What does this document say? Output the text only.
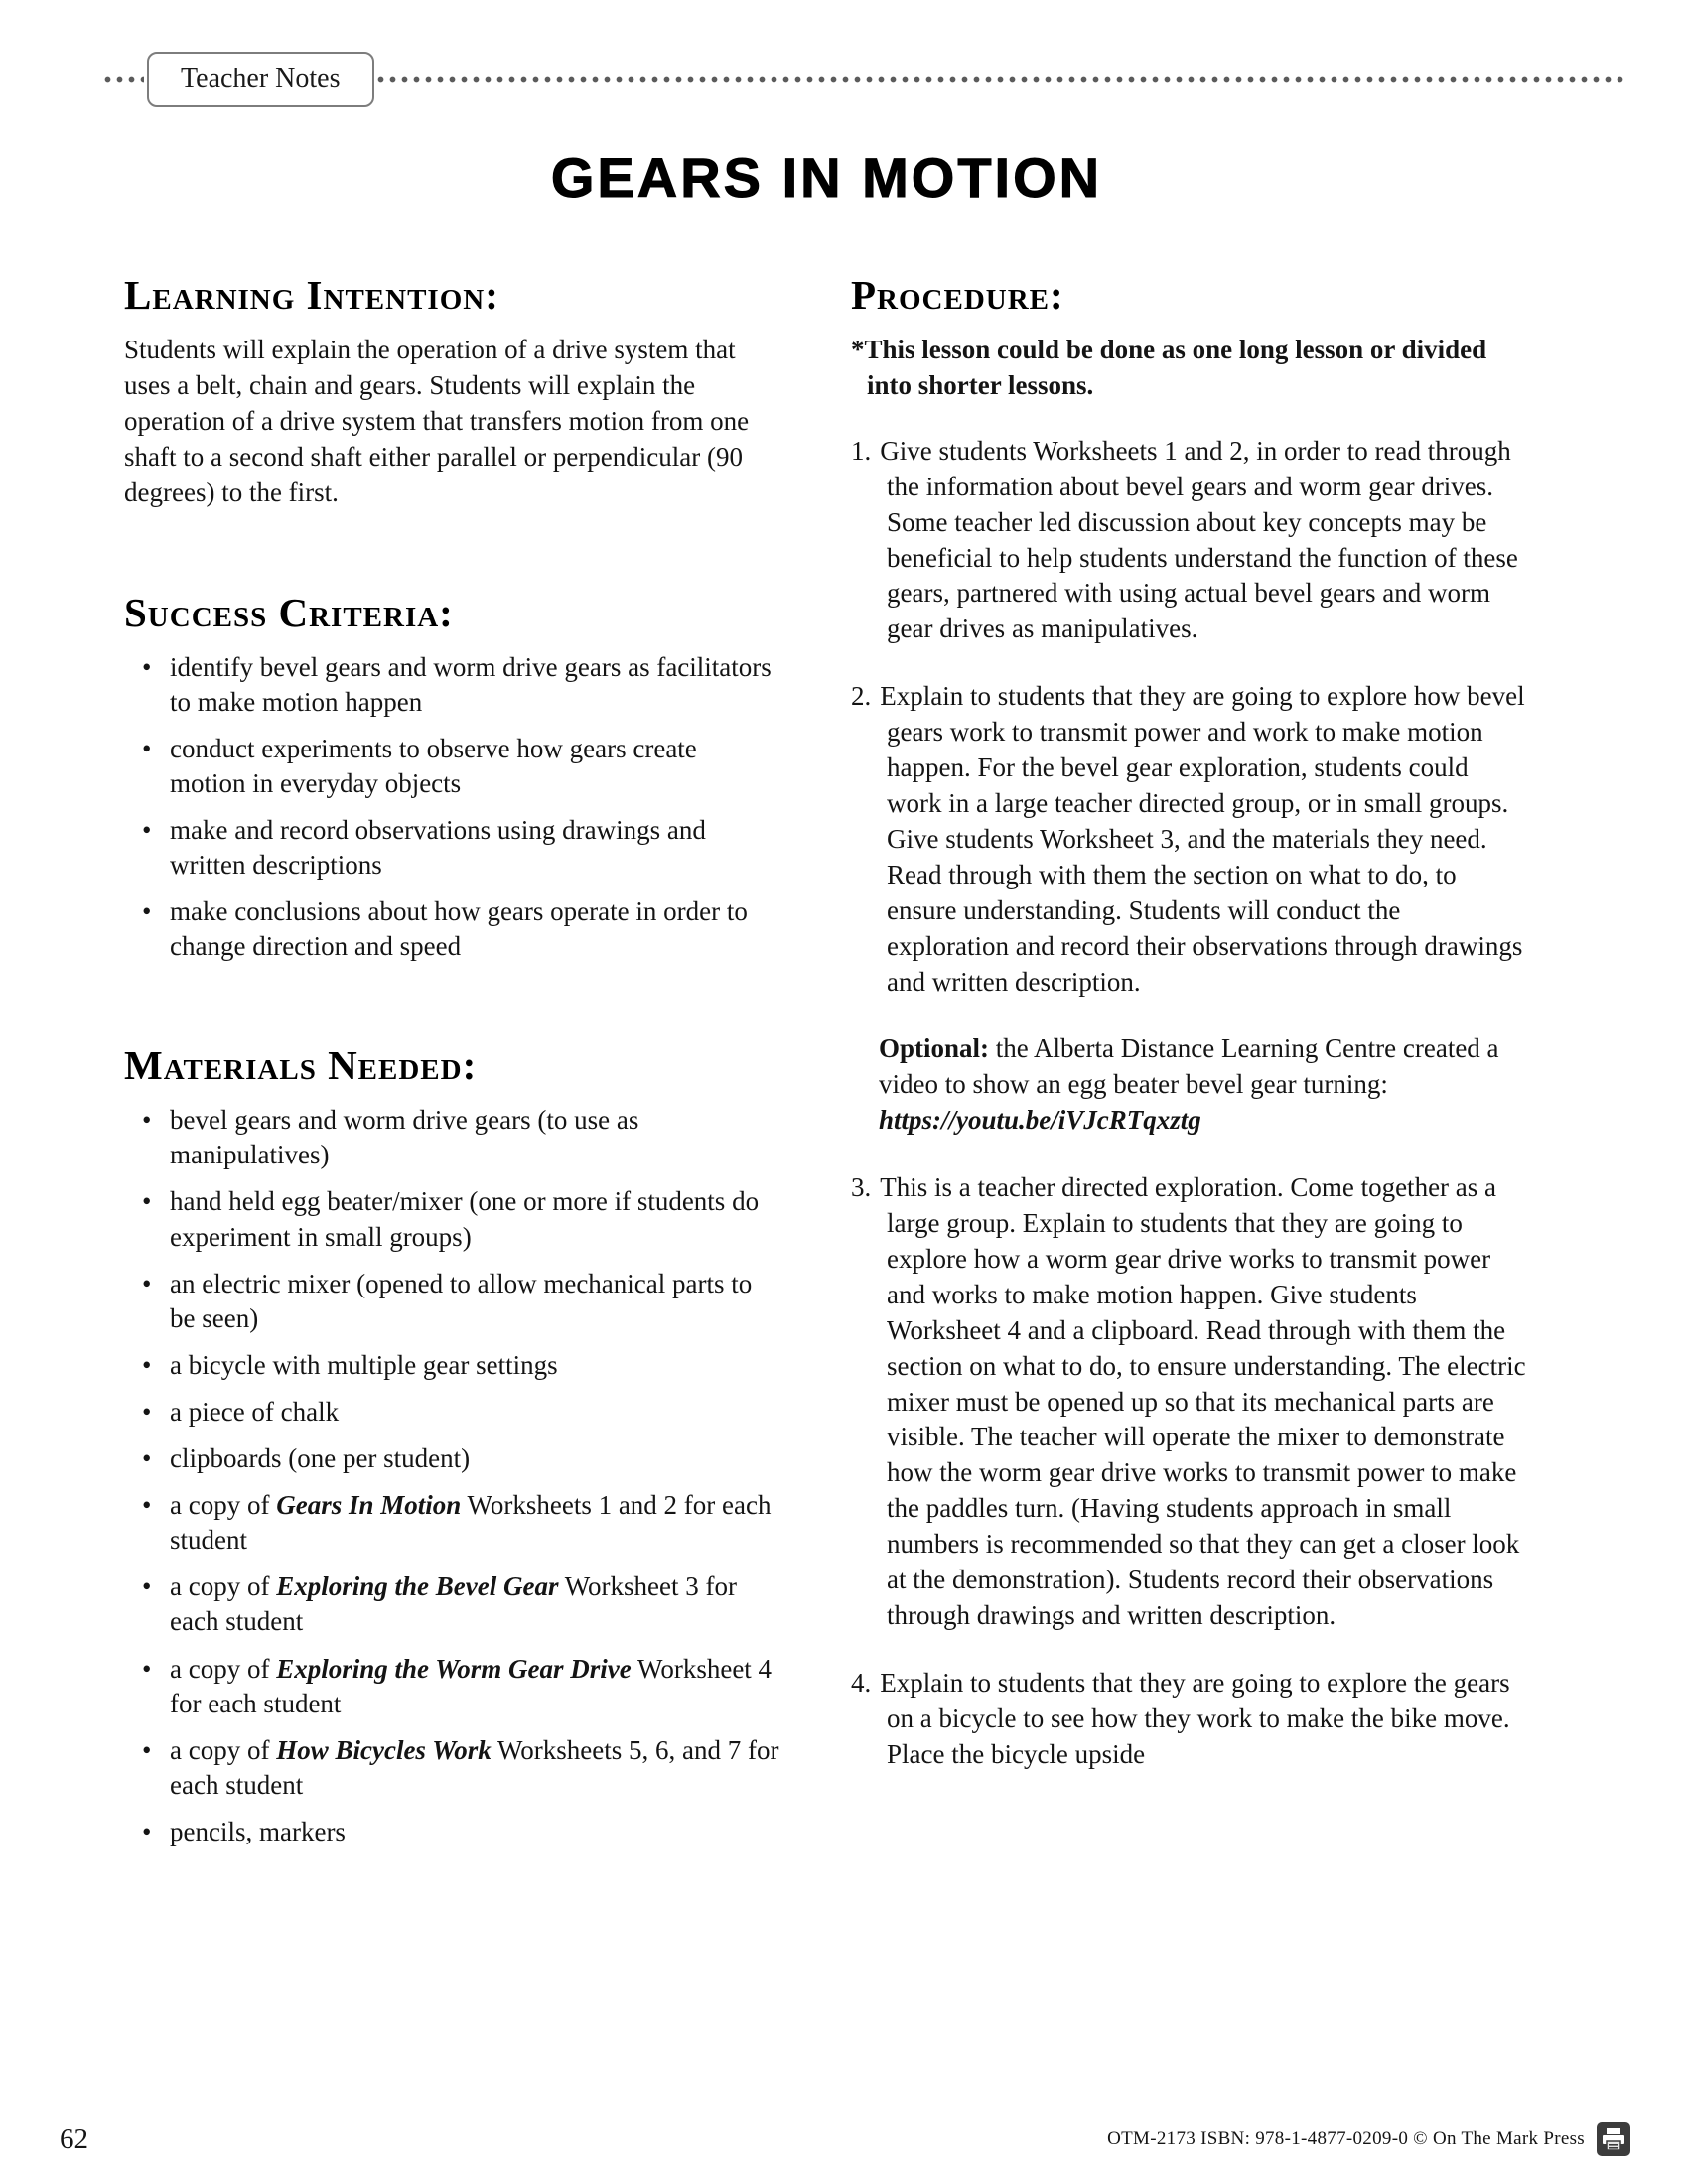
Teacher Notes
GEARS IN MOTION
Learning Intention:

Students will explain the operation of a drive system that uses a belt, chain and gears. Students will explain the operation of a drive system that transfers motion from one shaft to a second shaft either parallel or perpendicular (90 degrees) to the first.

Success Criteria:
• identify bevel gears and worm drive gears as facilitators to make motion happen
• conduct experiments to observe how gears create motion in everyday objects
• make and record observations using drawings and written descriptions
• make conclusions about how gears operate in order to change direction and speed
Materials Needed:
• bevel gears and worm drive gears (to use as manipulatives)
• hand held egg beater/mixer (one or more if students do experiment in small groups)
• an electric mixer (opened to allow mechanical parts to be seen)
• a bicycle with multiple gear settings
• a piece of chalk
• clipboards (one per student)
• a copy of Gears In Motion Worksheets 1 and 2 for each student
• a copy of Exploring the Bevel Gear Worksheet 3 for each student
• a copy of Exploring the Worm Gear Drive Worksheet 4 for each student
• a copy of How Bicycles Work Worksheets 5, 6, and 7 for each student
• pencils, markers
Procedure:

*This lesson could be done as one long lesson or divided into shorter lessons.

1. Give students Worksheets 1 and 2, in order to read through the information about bevel gears and worm gear drives. Some teacher led discussion about key concepts may be beneficial to help students understand the function of these gears, partnered with using actual bevel gears and worm gear drives as manipulatives.
2. Explain to students that they are going to explore how bevel gears work to transmit power and work to make motion happen. For the bevel gear exploration, students could work in a large teacher directed group, or in small groups. Give students Worksheet 3, and the materials they need. Read through with them the section on what to do, to ensure understanding. Students will conduct the exploration and record their observations through drawings and written description.

Optional: the Alberta Distance Learning Centre created a video to show an egg beater bevel gear turning: https://youtu.be/iVJcRTqxztg

3. This is a teacher directed exploration. Come together as a large group. Explain to students that they are going to explore how a worm gear drive works to transmit power and works to make motion happen. Give students Worksheet 4 and a clipboard. Read through with them the section on what to do, to ensure understanding. The electric mixer must be opened up so that its mechanical parts are visible. The teacher will operate the mixer to demonstrate how the worm gear drive works to transmit power to make the paddles turn. (Having students approach in small numbers is recommended so that they can get a closer look at the demonstration). Students record their observations through drawings and written description.
4. Explain to students that they are going to explore the gears on a bicycle to see how they work to make the bike move. Place the bicycle upside
62	OTM-2173 ISBN: 978-1-4877-0209-0 © On The Mark Press
